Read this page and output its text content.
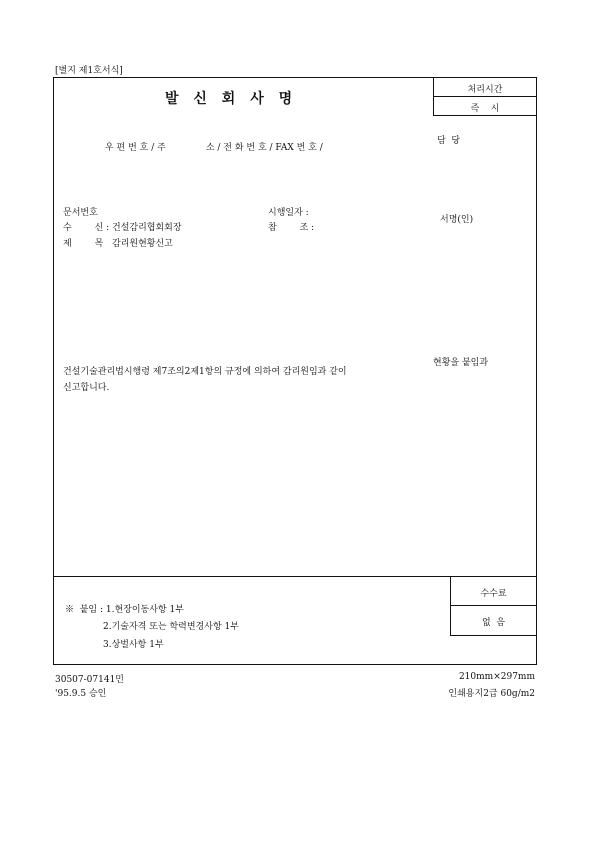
[별지 제1호서식]
처리시간
즉    시
발 신 회 사 명
우 편 번 호 / 주              소 / 전 화 번 호 / FAX 번 호 /
담  당
서명(인)
문서번호	시행일자 :
수        신 : 건설감리협회회장	참        조 :
제        목 감리원현황신고
건설기술관리법시행령 제7조의2제1항의 규정에 의하여 감리원임과 같이
현황을 붙임과
신고합니다.
수수료
없  음
※  붙임 : 1.현장이동사항 1부
2.기술자격 또는 학력변경사항 1부
3.상벌사항 1부
30507-07141민
'95.9.5 승인
210mm×297mm
인쇄용지2급 60g/m2
